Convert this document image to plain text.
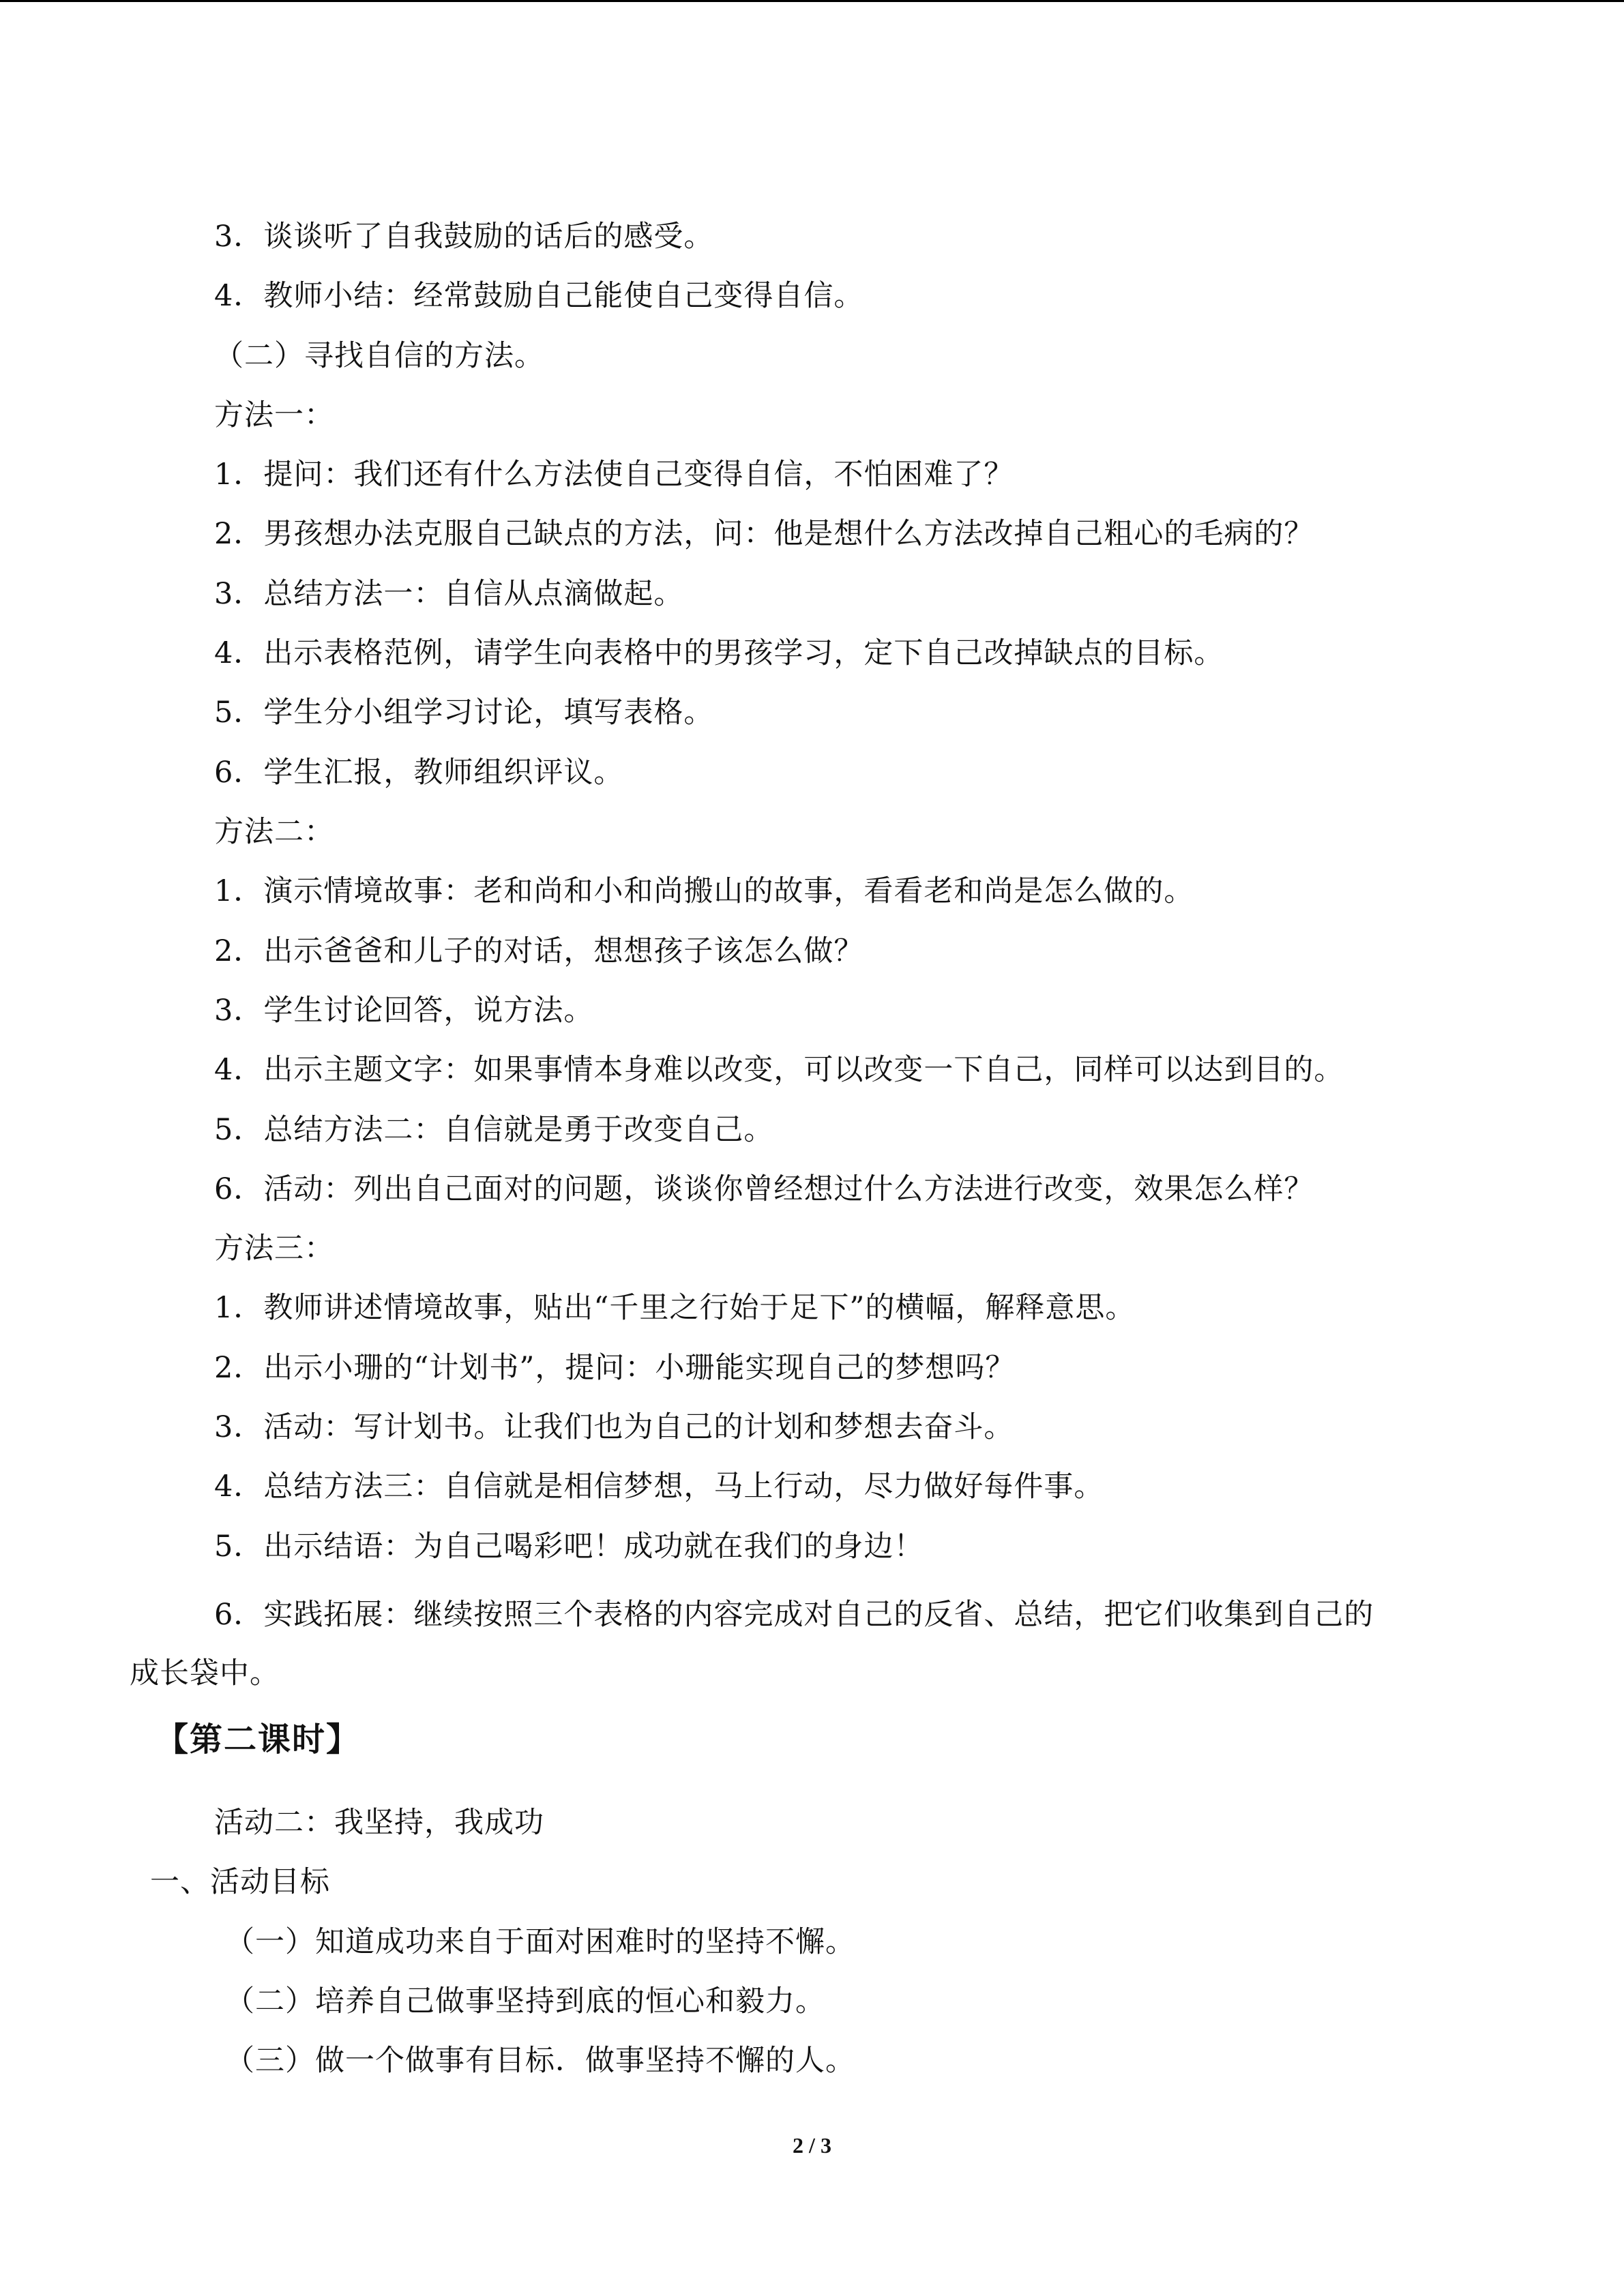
3．谈谈听了自我鼓励的话后的感受。
4．教师小结：经常鼓励自己能使自己变得自信。
（二）寻找自信的方法。
方法一：
1．提问：我们还有什么方法使自己变得自信，不怕困难了？
2．男孩想办法克服自己缺点的方法，问：他是想什么方法改掉自己粗心的毛病的？
3．总结方法一：自信从点滴做起。
4．出示表格范例，请学生向表格中的男孩学习，定下自己改掉缺点的目标。
5．学生分小组学习讨论，填写表格。
6．学生汇报，教师组织评议。
方法二：
1．演示情境故事：老和尚和小和尚搬山的故事，看看老和尚是怎么做的。
2．出示爸爸和儿子的对话，想想孩子该怎么做？
3．学生讨论回答，说方法。
4．出示主题文字：如果事情本身难以改变，可以改变一下自己，同样可以达到目的。
5．总结方法二：自信就是勇于改变自己。
6．活动：列出自己面对的问题，谈谈你曾经想过什么方法进行改变，效果怎么样？
方法三：
1．教师讲述情境故事，贴出“千里之行始于足下”的横幅，解释意思。
2．出示小珊的“计划书”，提问：小珊能实现自己的梦想吗？
3．活动：写计划书。让我们也为自己的计划和梦想去奋斗。
4．总结方法三：自信就是相信梦想，马上行动，尽力做好每件事。
5．出示结语：为自己喝彩吧！成功就在我们的身边！
6．实践拓展：继续按照三个表格的内容完成对自己的反省、总结，把它们收集到自己的
成长袋中。
【第二课时】
活动二：我坚持，我成功
一、活动目标
（一）知道成功来自于面对困难时的坚持不懈。
（二）培养自己做事坚持到底的恒心和毅力。
（三）做一个做事有目标．做事坚持不懈的人。
2 / 3
